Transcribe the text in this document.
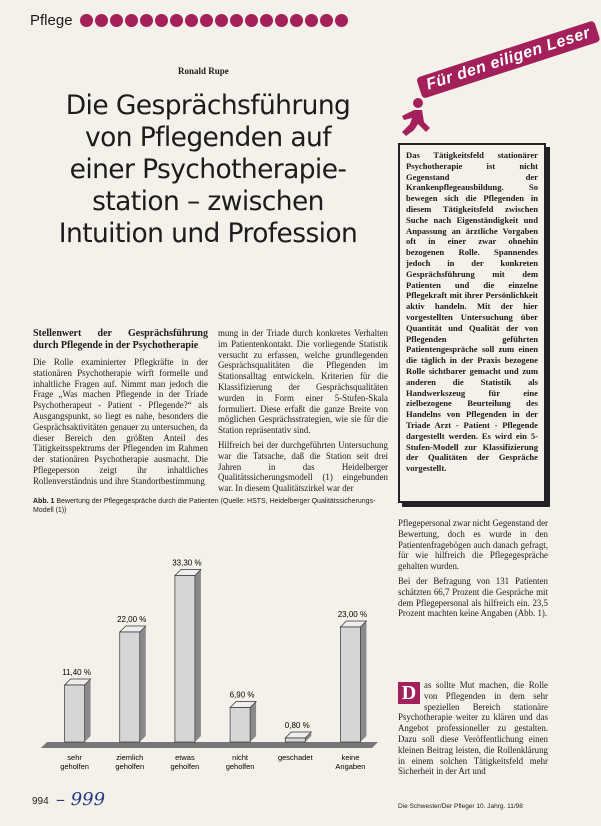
Pflege
Ronald Rupe
Die Gesprächsführung
von Pflegenden auf
einer Psychotherapie-
station – zwischen
Intuition und Profession
Für den eiligen Leser
Das Tätigkeitsfeld stationärer Psychotherapie ist nicht Gegenstand der Krankenpflegeausbildung. So bewegen sich die Pflegenden in diesem Tätigkeitsfeld zwischen Suche nach Eigenständigkeit und Anpassung an ärztliche Vorgaben oft in einer zwar ohnehin bezogenen Rolle. Spannendes jedoch in der konkreten Gesprächsführung mit dem Patienten und die einzelne Pflegekraft mit ihrer Persönlichkeit aktiv handeln. Mit der hier vorgestellten Untersuchung über Quantität und Qualität der von Pflegenden geführten Patientengespräche soll zum einen die täglich in der Praxis bezogene Rolle sichtbarer gemacht und zum anderen die Statistik als Handwerkszeug für eine zielbezogene Beurteilung des Handelns von Pflegenden in der Triade Arzt - Patient - Pflegende dargestellt werden. Es wird ein 5-Stufen-Modell zur Klassifizierung der Qualitäten der Gespräche vorgestellt.
Stellenwert der Gesprächsführung durch Pflegende in der Psychotherapie

Die Rolle examinierter Pflegkräfte in der stationären Psychotherapie wirft formelle und inhaltliche Fragen auf. Nimmt man jedoch die Frage „Was machen Pflegende in der Triade Psychotherapeut - Patient - Pflegende?“ als Ausgangspunkt, so liegt es nahe, besonders die Gesprächsaktivitäten genauer zu untersuchen, da dieser Bereich den größten Anteil des Tätigkeitsspektrums der Pflegenden im Rahmen der stationären Psychotherapie ausmacht. Die Pflegeperson zeigt ihr inhaltliches Rollenverständnis und ihre Standortbestimmung

mung in der Triade durch konkretes Verhalten im Patientenkontakt. Die vorliegende Statistik versucht zu erfassen, welche grundlegenden Gesprächsqualitäten die Pflegenden im Stationsalltag entwickeln. Kriterien für die Klassifizierung der Gesprächsqualitäten wurden in Form einer 5-Stufen-Skala formuliert. Diese erfaßt die ganze Breite von möglichen Gesprächsstrategien, wie sie für die Station repräsentativ sind.

Hilfreich bei der durchgeführten Untersuchung war die Tatsache, daß die Station seit drei Jahren in das Heidelberger Qualitätssicherungsmodell (1) eingebunden war. In diesem Qualitätszirkel war der

Pflegepersonal zwar nicht Gegenstand der Bewertung, doch es wurde in den Patientenfragebögen auch danach gefragt, für wie hilfreich die Pflegegespräche gehalten wurden.

Bei der Befragung von 131 Patienten schätzten 66,7 Prozent die Gespräche mit dem Pflegepersonal als hilfreich ein. 23,5 Prozent machten keine Angaben (Abb. 1).

D as sollte Mut machen, die Rolle von Pflegenden in dem sehr speziellen Bereich stationäre Psychotherapie weiter zu klären und das Angebot professioneller zu gestalten. Dazu soll diese Veröffentlichung einen kleinen Beitrag leisten, die Rollenklärung in einem solchen Tätigkeitsfeld mehr Sicherheit in der Art und
Abb. 1 Bewertung der Pflegegespräche durch die Patienten (Quelle: HSTS, Heidelberger Qualitätssicherungs-Modell (1))
11,40 %
sehr geholfen
22,00 %
ziemlich geholfen
33,30 %
etwas geholfen
6,90 %
nicht geholfen
0,80 %
geschadet
23,00 %
keine Angaben
994 – 999	Die Schwester/Der Pfleger 10. Jahrg. 11/98
